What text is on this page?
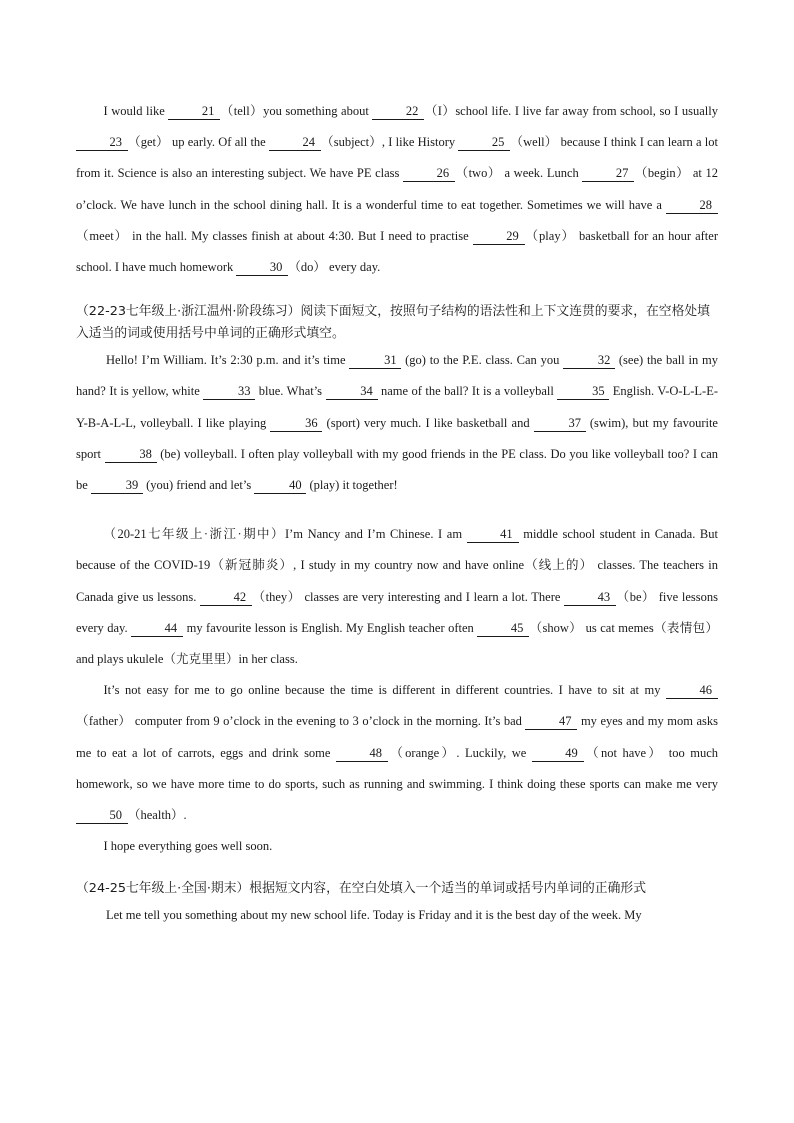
I would like	21 （tell）you something about	22 （I）school life. I live far away from school, so I usually 23 （get） up early. Of all the	24 （subject）, I like History	25 （well） because I think I can learn a lot from it. Science is also an interesting subject. We have PE class	26 （two） a week. Lunch	27 （begin） at 12 o’clock. We have lunch in the school dining hall. It is a wonderful time to eat together. Sometimes we will have a	28（meet） in the hall. My classes finish at about 4:30. But I need to practise	29 （play） basketball for an hour after school. I have much homework	30 （do） every day.

（22-23七年级上·浙江温州·阶段练习）阅读下面短文，按照句子结构的语法性和上下文连贯的要求，在空格处填入适当的词或使用括号中单词的正确形式填空。

Hello! I’m William. It’s 2:30 p.m. and it’s time	31 (go) to the P.E. class. Can you	32 (see) the ball in my hand? It is yellow, white	33 blue. What’s	34 name of the ball? It is a volleyball	35 English. V-O-L-L-E-Y-B-A-L-L, volleyball. I like playing	36 (sport) very much. I like basketball and	37 (swim), but my favourite sport	38 (be) volleyball. I often play volleyball with my good friends in the PE class. Do you like volleyball too? I can be	39 (you) friend and let’s	40 (play) it together!

（20-21七年级上·浙江·期中）I’m Nancy and I’m Chinese. I am	41 middle school student in Canada. But because of the COVID-19（新冠肺炎）, I study in my country now and have online（线上的） classes. The teachers in Canada give us lessons.	42 （they） classes are very interesting and I learn a lot. There	43 （be） five lessons every day.	44 my favourite lesson is English. My English teacher often	45 （show） us cat memes（表情包）and plays ukulele（尤克里里）in her class.

It’s not easy for me to go online because the time is different in different countries. I have to sit at my	46（father） computer from 9 o’clock in the evening to 3 o’clock in the morning. It’s bad	47 my eyes and my mom asks me to eat a lot of carrots, eggs and drink some	48 （orange）. Luckily, we	49 （not have） too much homework, so we have more time to do sports, such as running and swimming. I think doing these sports can make me very 50 （health）.

I hope everything goes well soon.

（24-25七年级上·全国·期末）根据短文内容，在空白处填入一个适当的单词或括号内单词的正确形式

Let me tell you something about my new school life. Today is Friday and it is the best day of the week. My
